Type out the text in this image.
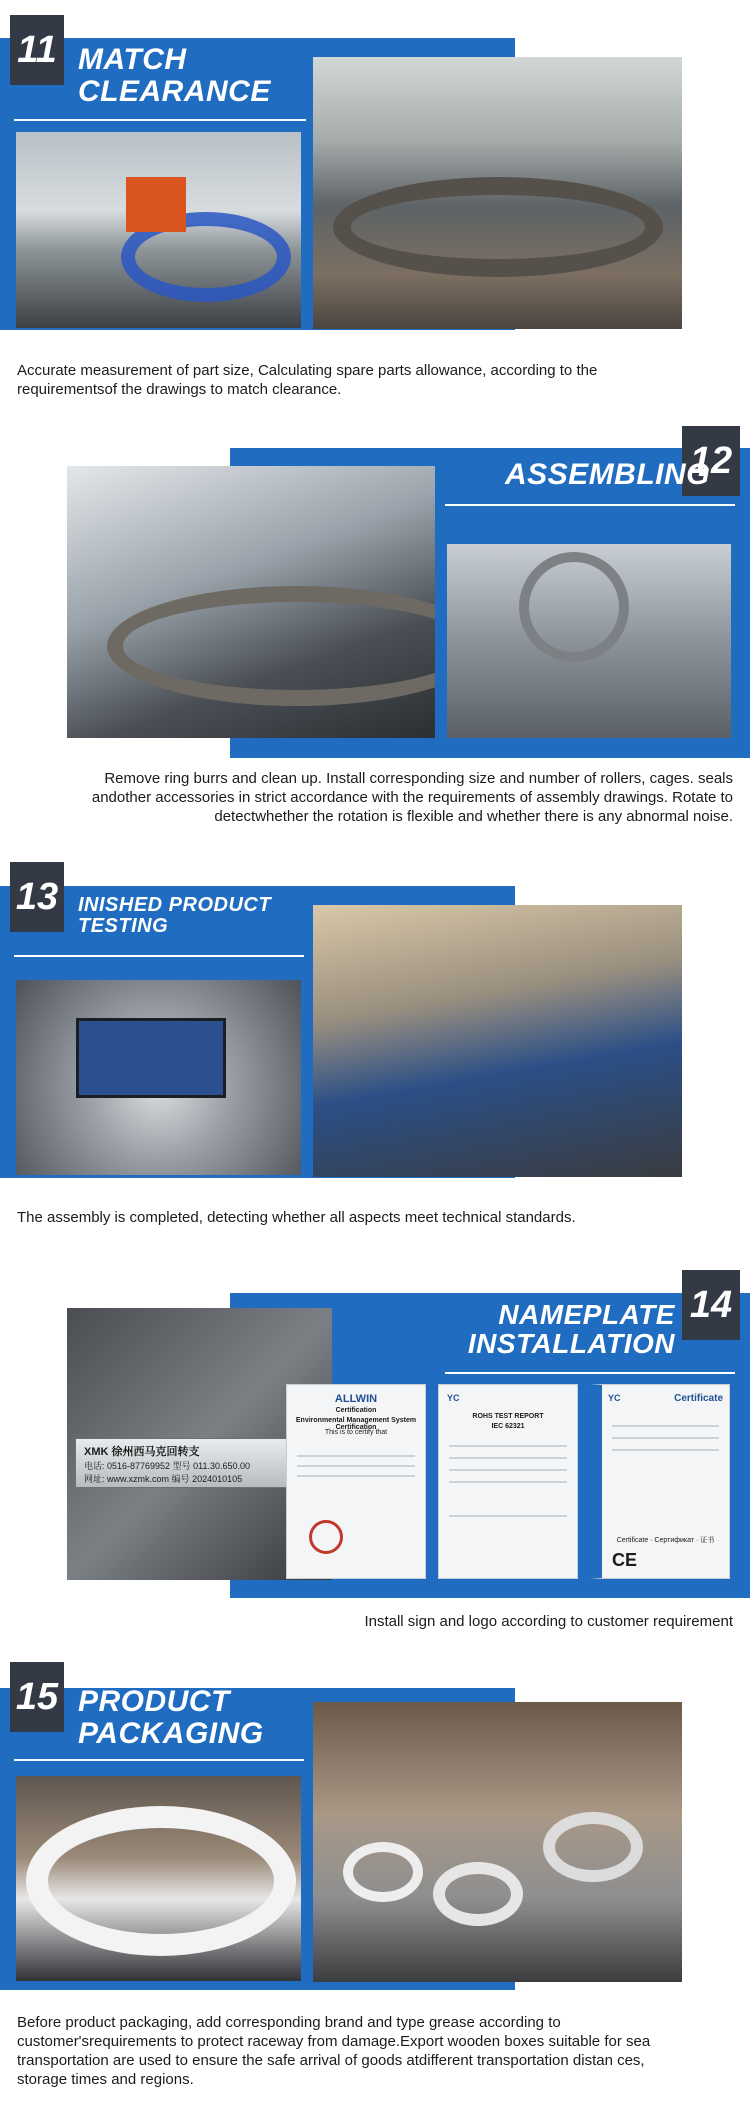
11 MATCH
CLEARANCE
Accurate measurement of part size, Calculating spare parts allowance, according to the requirementsof the drawings to match clearance.
12
ASSEMBLING
Remove ring burrs and clean up. Install corresponding size and number of rollers, cages. seals
andother accessories in strict accordance with the requirements of assembly drawings. Rotate to
detectwhether the rotation is flexible and whether there is any abnormal noise.
13 INISHED PRODUCT
TESTING
The assembly is completed, detecting whether all aspects meet technical standards.
14
NAMEPLATE
INSTALLATION
XMK 徐州西马克回转支
电话: 0516-87769952 型号 011.30.650.00
网址: www.xzmk.com 编号 2024010105
ALLWIN
Certification
Environmental Management System Certification
This is to certify that
YC
ROHS TEST REPORT
IEC 62321
YC	Certificate
Certificate · Сертификат · 证书
CE
Install sign and logo according to customer requirement
15 PRODUCT
PACKAGING
Before product packaging, add corresponding brand and type grease according to
customer'srequirements to protect raceway from damage.Export wooden boxes suitable for sea
transportation are used to ensure the safe arrival of goods atdifferent transportation distan ces,
storage times and regions.
